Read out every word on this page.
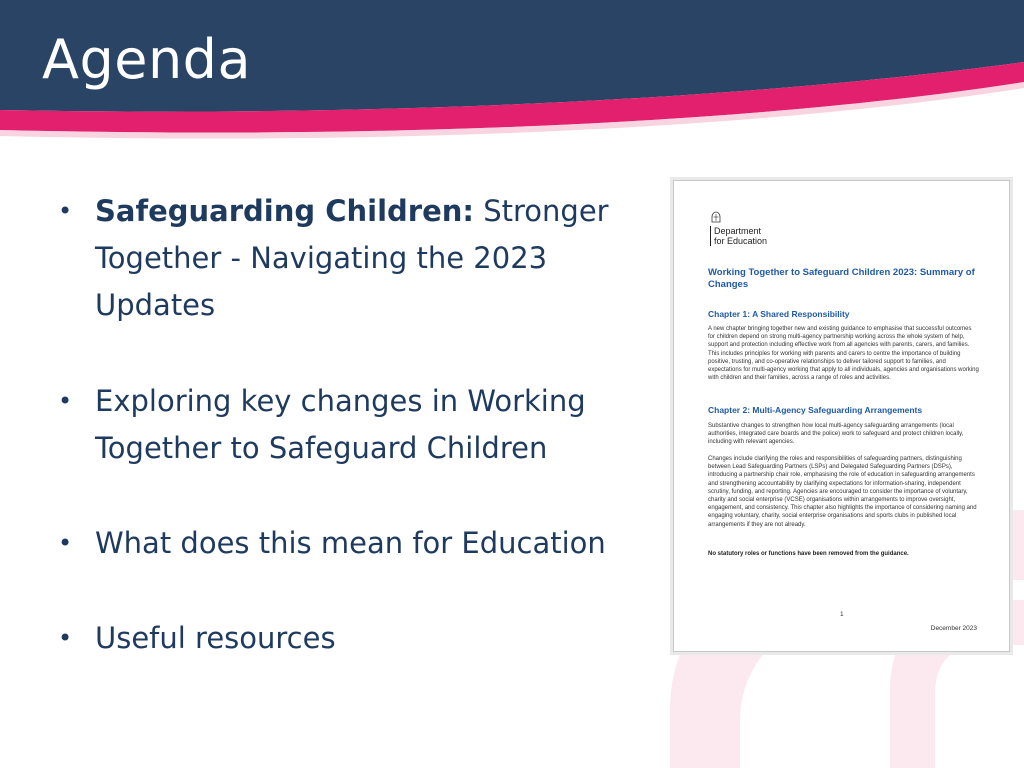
Agenda
• Safeguarding Children: Stronger Together - Navigating the 2023 Updates
• Exploring key changes in Working Together to Safeguard Children
• What does this mean for Education
• Useful resources
Department for Education
Working Together to Safeguard Children 2023: Summary of Changes
Chapter 1: A Shared Responsibility
A new chapter bringing together new and existing guidance to emphasise that successful outcomes for children depend on strong multi-agency partnership working across the whole system of help, support and protection including effective work from all agencies with parents, carers, and families. This includes principles for working with parents and carers to centre the importance of building positive, trusting, and co-operative relationships to deliver tailored support to families, and expectations for multi-agency working that apply to all individuals, agencies and organisations working with children and their families, across a range of roles and activities.
Chapter 2: Multi-Agency Safeguarding Arrangements
Substantive changes to strengthen how local multi-agency safeguarding arrangements (local authorities, integrated care boards and the police) work to safeguard and protect children locally, including with relevant agencies.
Changes include clarifying the roles and responsibilities of safeguarding partners, distinguishing between Lead Safeguarding Partners (LSPs) and Delegated Safeguarding Partners (DSPs), introducing a partnership chair role, emphasising the role of education in safeguarding arrangements and strengthening accountability by clarifying expectations for information-sharing, independent scrutiny, funding, and reporting. Agencies are encouraged to consider the importance of voluntary, charity and social enterprise (VCSE) organisations within arrangements to improve oversight, engagement, and consistency. This chapter also highlights the importance of considering naming and engaging voluntary, charity, social enterprise organisations and sports clubs in published local arrangements if they are not already.
No statutory roles or functions have been removed from the guidance.
1
December 2023
